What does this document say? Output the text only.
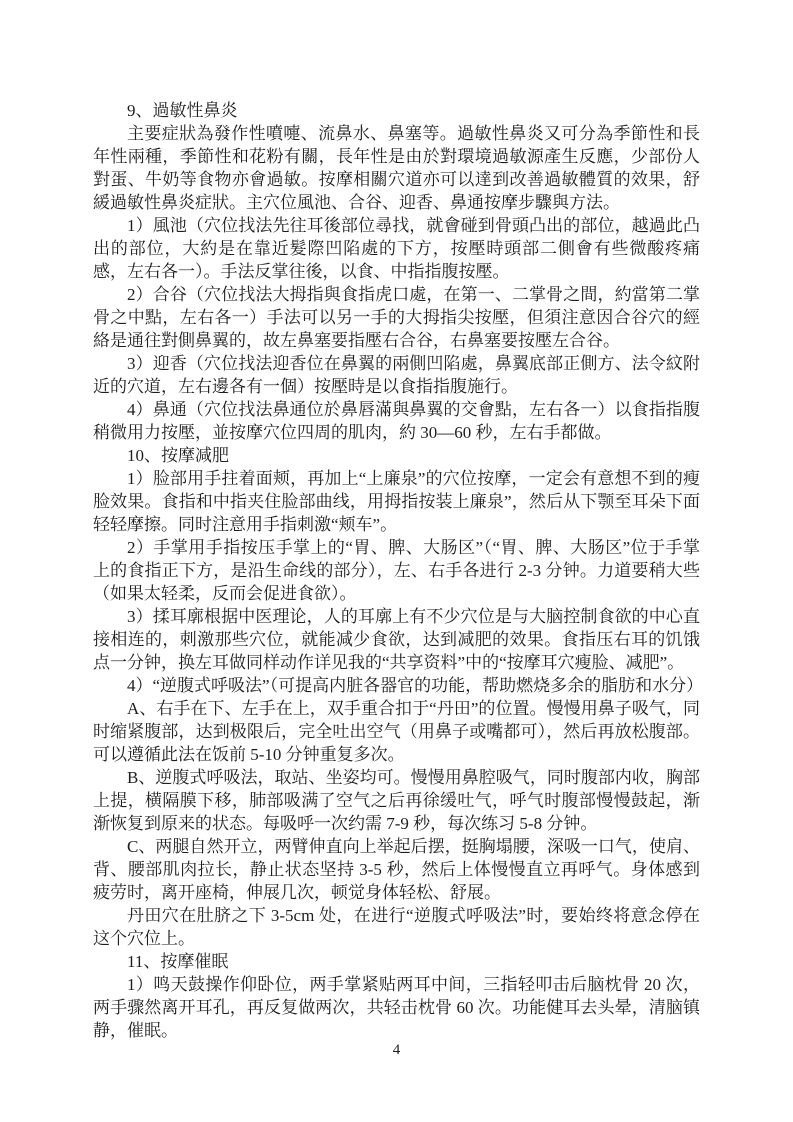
9、過敏性鼻炎

主要症狀為發作性噴嚏、流鼻水、鼻塞等。過敏性鼻炎又可分為季節性和長年性兩種，季節性和花粉有關，長年性是由於對環境過敏源產生反應，少部份人對蛋、牛奶等食物亦會過敏。按摩相關穴道亦可以達到改善過敏體質的效果，舒緩過敏性鼻炎症狀。主穴位風池、合谷、迎香、鼻通按摩步驟與方法。

1）風池（穴位找法先往耳後部位尋找，就會碰到骨頭凸出的部位，越過此凸出的部位，大約是在靠近髮際凹陷處的下方，按壓時頭部二側會有些微酸疼痛感，左右各一）。手法反掌往後，以食、中指指腹按壓。

2）合谷（穴位找法大拇指與食指虎口處，在第一、二掌骨之間，約當第二掌骨之中點，左右各一）手法可以另一手的大拇指尖按壓，但須注意因合谷穴的經絡是通往對側鼻翼的，故左鼻塞要指壓右合谷，右鼻塞要按壓左合谷。

3）迎香（穴位找法迎香位在鼻翼的兩側凹陷處，鼻翼底部正側方、法令紋附近的穴道，左右邊各有一個）按壓時是以食指指腹施行。

4）鼻通（穴位找法鼻通位於鼻唇滿與鼻翼的交會點，左右各一）以食指指腹稍微用力按壓，並按摩穴位四周的肌肉，約 30—60 秒，左右手都做。

10、按摩减肥

1）脸部用手拄着面颊，再加上“上廉泉”的穴位按摩，一定会有意想不到的瘦脸效果。食指和中指夹住脸部曲线，用拇指按装上廉泉”，然后从下颚至耳朵下面轻轻摩擦。同时注意用手指刺激“颊车”。

2）手掌用手指按压手掌上的“胃、脾、大肠区”（“胃、脾、大肠区”位于手掌上的食指正下方，是沿生命线的部分），左、右手各进行 2-3 分钟。力道要稍大些（如果太轻柔，反而会促进食欲）。

3）揉耳廓根据中医理论，人的耳廓上有不少穴位是与大脑控制食欲的中心直接相连的，刺激那些穴位，就能减少食欲，达到减肥的效果。食指压右耳的饥饿点一分钟，换左耳做同样动作详见我的“共享资料”中的“按摩耳穴瘦脸、减肥”。

4）“逆腹式呼吸法”（可提高内脏各器官的功能，帮助燃烧多余的脂肪和水分）

A、右手在下、左手在上，双手重合扣于“丹田”的位置。慢慢用鼻子吸气，同时缩紧腹部，达到极限后，完全吐出空气（用鼻子或嘴都可），然后再放松腹部。可以遵循此法在饭前 5-10 分钟重复多次。

B、逆腹式呼吸法，取站、坐姿均可。慢慢用鼻腔吸气，同时腹部内收，胸部上提，横隔膜下移，肺部吸满了空气之后再徐缓吐气，呼气时腹部慢慢鼓起，渐渐恢复到原来的状态。每吸呼一次约需 7-9 秒，每次练习 5-8 分钟。

C、两腿自然开立，两臂伸直向上举起后摆，挺胸塌腰，深吸一口气，使肩、背、腰部肌肉拉长，静止状态坚持 3-5 秒，然后上体慢慢直立再呼气。身体感到疲劳时，离开座椅，伸展几次，顿觉身体轻松、舒展。

丹田穴在肚脐之下 3-5cm 处，在进行“逆腹式呼吸法”时，要始终将意念停在这个穴位上。

11、按摩催眠

1）鸣天鼓操作仰卧位，两手掌紧贴两耳中间，三指轻叩击后脑枕骨 20 次，两手骤然离开耳孔，再反复做两次，共轻击枕骨 60 次。功能健耳去头晕，清脑镇静，催眠。

4
